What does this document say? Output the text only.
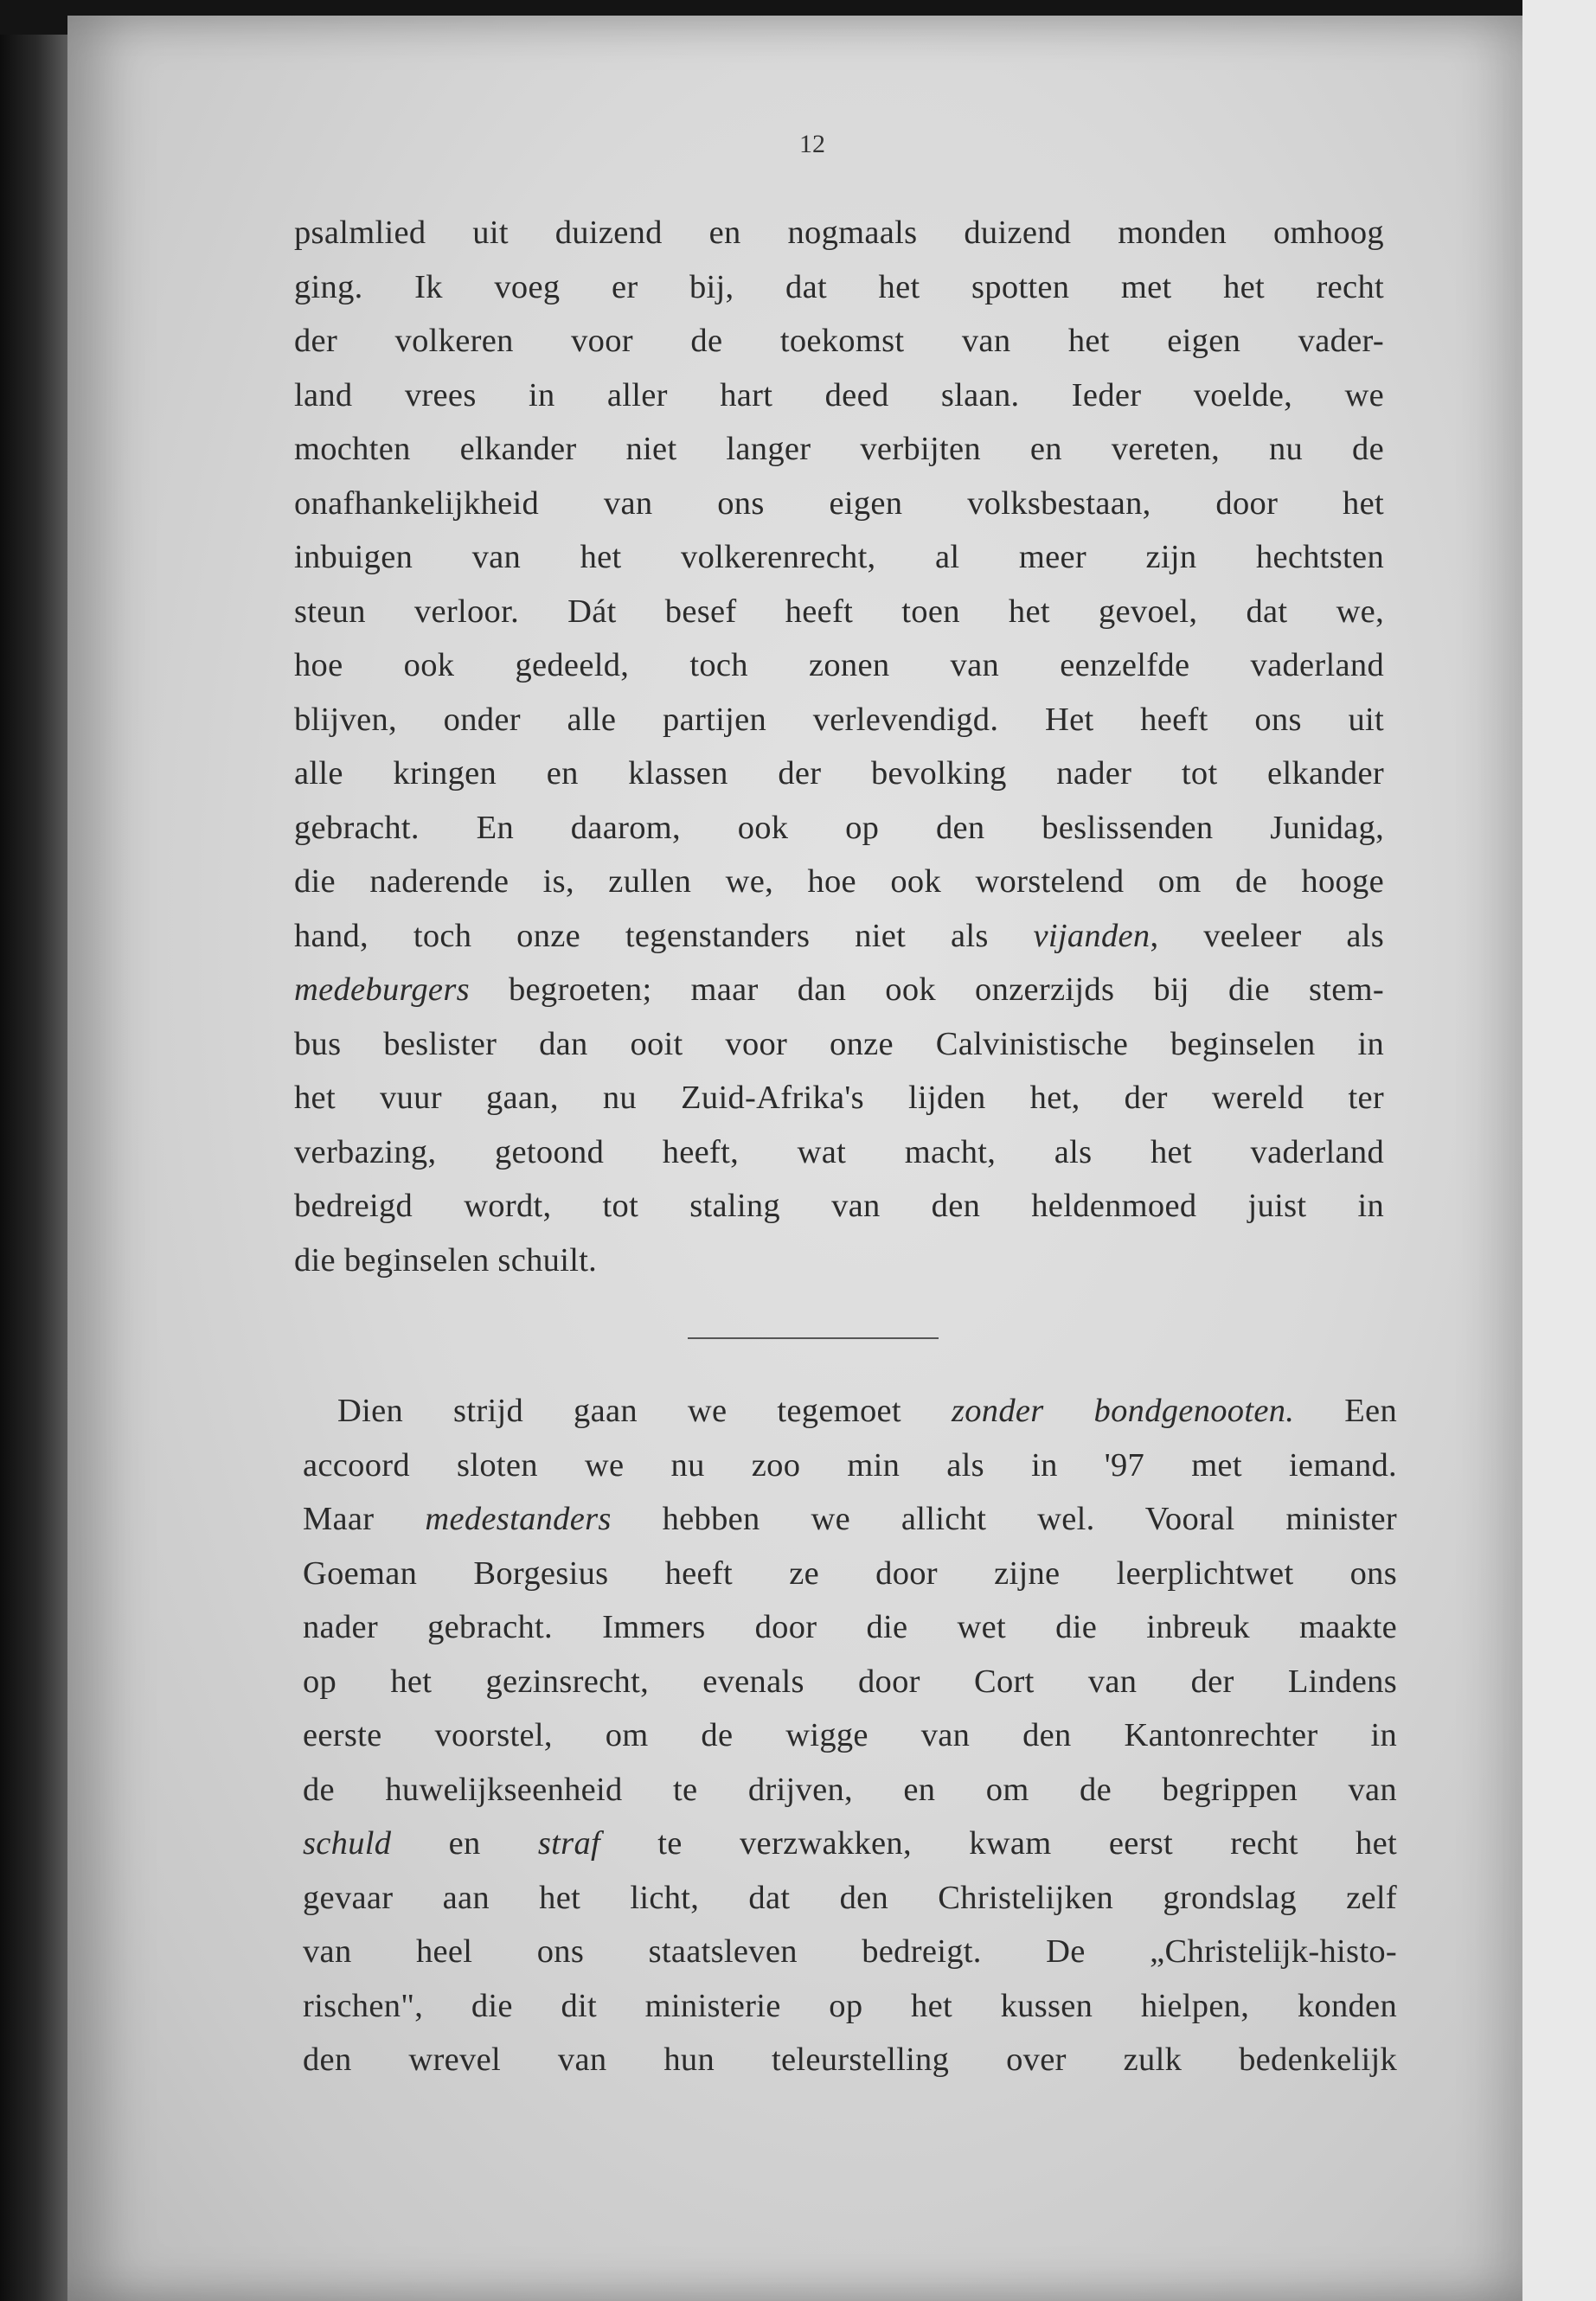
12
psalmlied uit duizend en nogmaals duizend monden omhoog
ging. Ik voeg er bij, dat het spotten met het recht
der volkeren voor de toekomst van het eigen vader-
land vrees in aller hart deed slaan. Ieder voelde, we
mochten elkander niet langer verbijten en vereten, nu de
onafhankelijkheid van ons eigen volksbestaan, door het
inbuigen van het volkerenrecht, al meer zijn hechtsten
steun verloor. Dát besef heeft toen het gevoel, dat we,
hoe ook gedeeld, toch zonen van eenzelfde vaderland
blijven, onder alle partijen verlevendigd. Het heeft ons uit
alle kringen en klassen der bevolking nader tot elkander
gebracht. En daarom, ook op den beslissenden Junidag,
die naderende is, zullen we, hoe ook worstelend om de hooge
hand, toch onze tegenstanders niet als vijanden, veeleer als
medeburgers begroeten; maar dan ook onzerzijds bij die stem-
bus beslister dan ooit voor onze Calvinistische beginselen in
het vuur gaan, nu Zuid-Afrika's lijden het, der wereld ter
verbazing, getoond heeft, wat macht, als het vaderland
bedreigd wordt, tot staling van den heldenmoed juist in
die beginselen schuilt.
Dien strijd gaan we tegemoet zonder bondgenooten. Een
accoord sloten we nu zoo min als in '97 met iemand.
Maar medestanders hebben we allicht wel. Vooral minister
Goeman Borgesius heeft ze door zijne leerplichtwet ons
nader gebracht. Immers door die wet die inbreuk maakte
op het gezinsrecht, evenals door Cort van der Lindens
eerste voorstel, om de wigge van den Kantonrechter in
de huwelijkseenheid te drijven, en om de begrippen van
schuld en straf te verzwakken, kwam eerst recht het
gevaar aan het licht, dat den Christelijken grondslag zelf
van heel ons staatsleven bedreigt. De „Christelijk-histo-
rischen", die dit ministerie op het kussen hielpen, konden
den wrevel van hun teleurstelling over zulk bedenkelijk
